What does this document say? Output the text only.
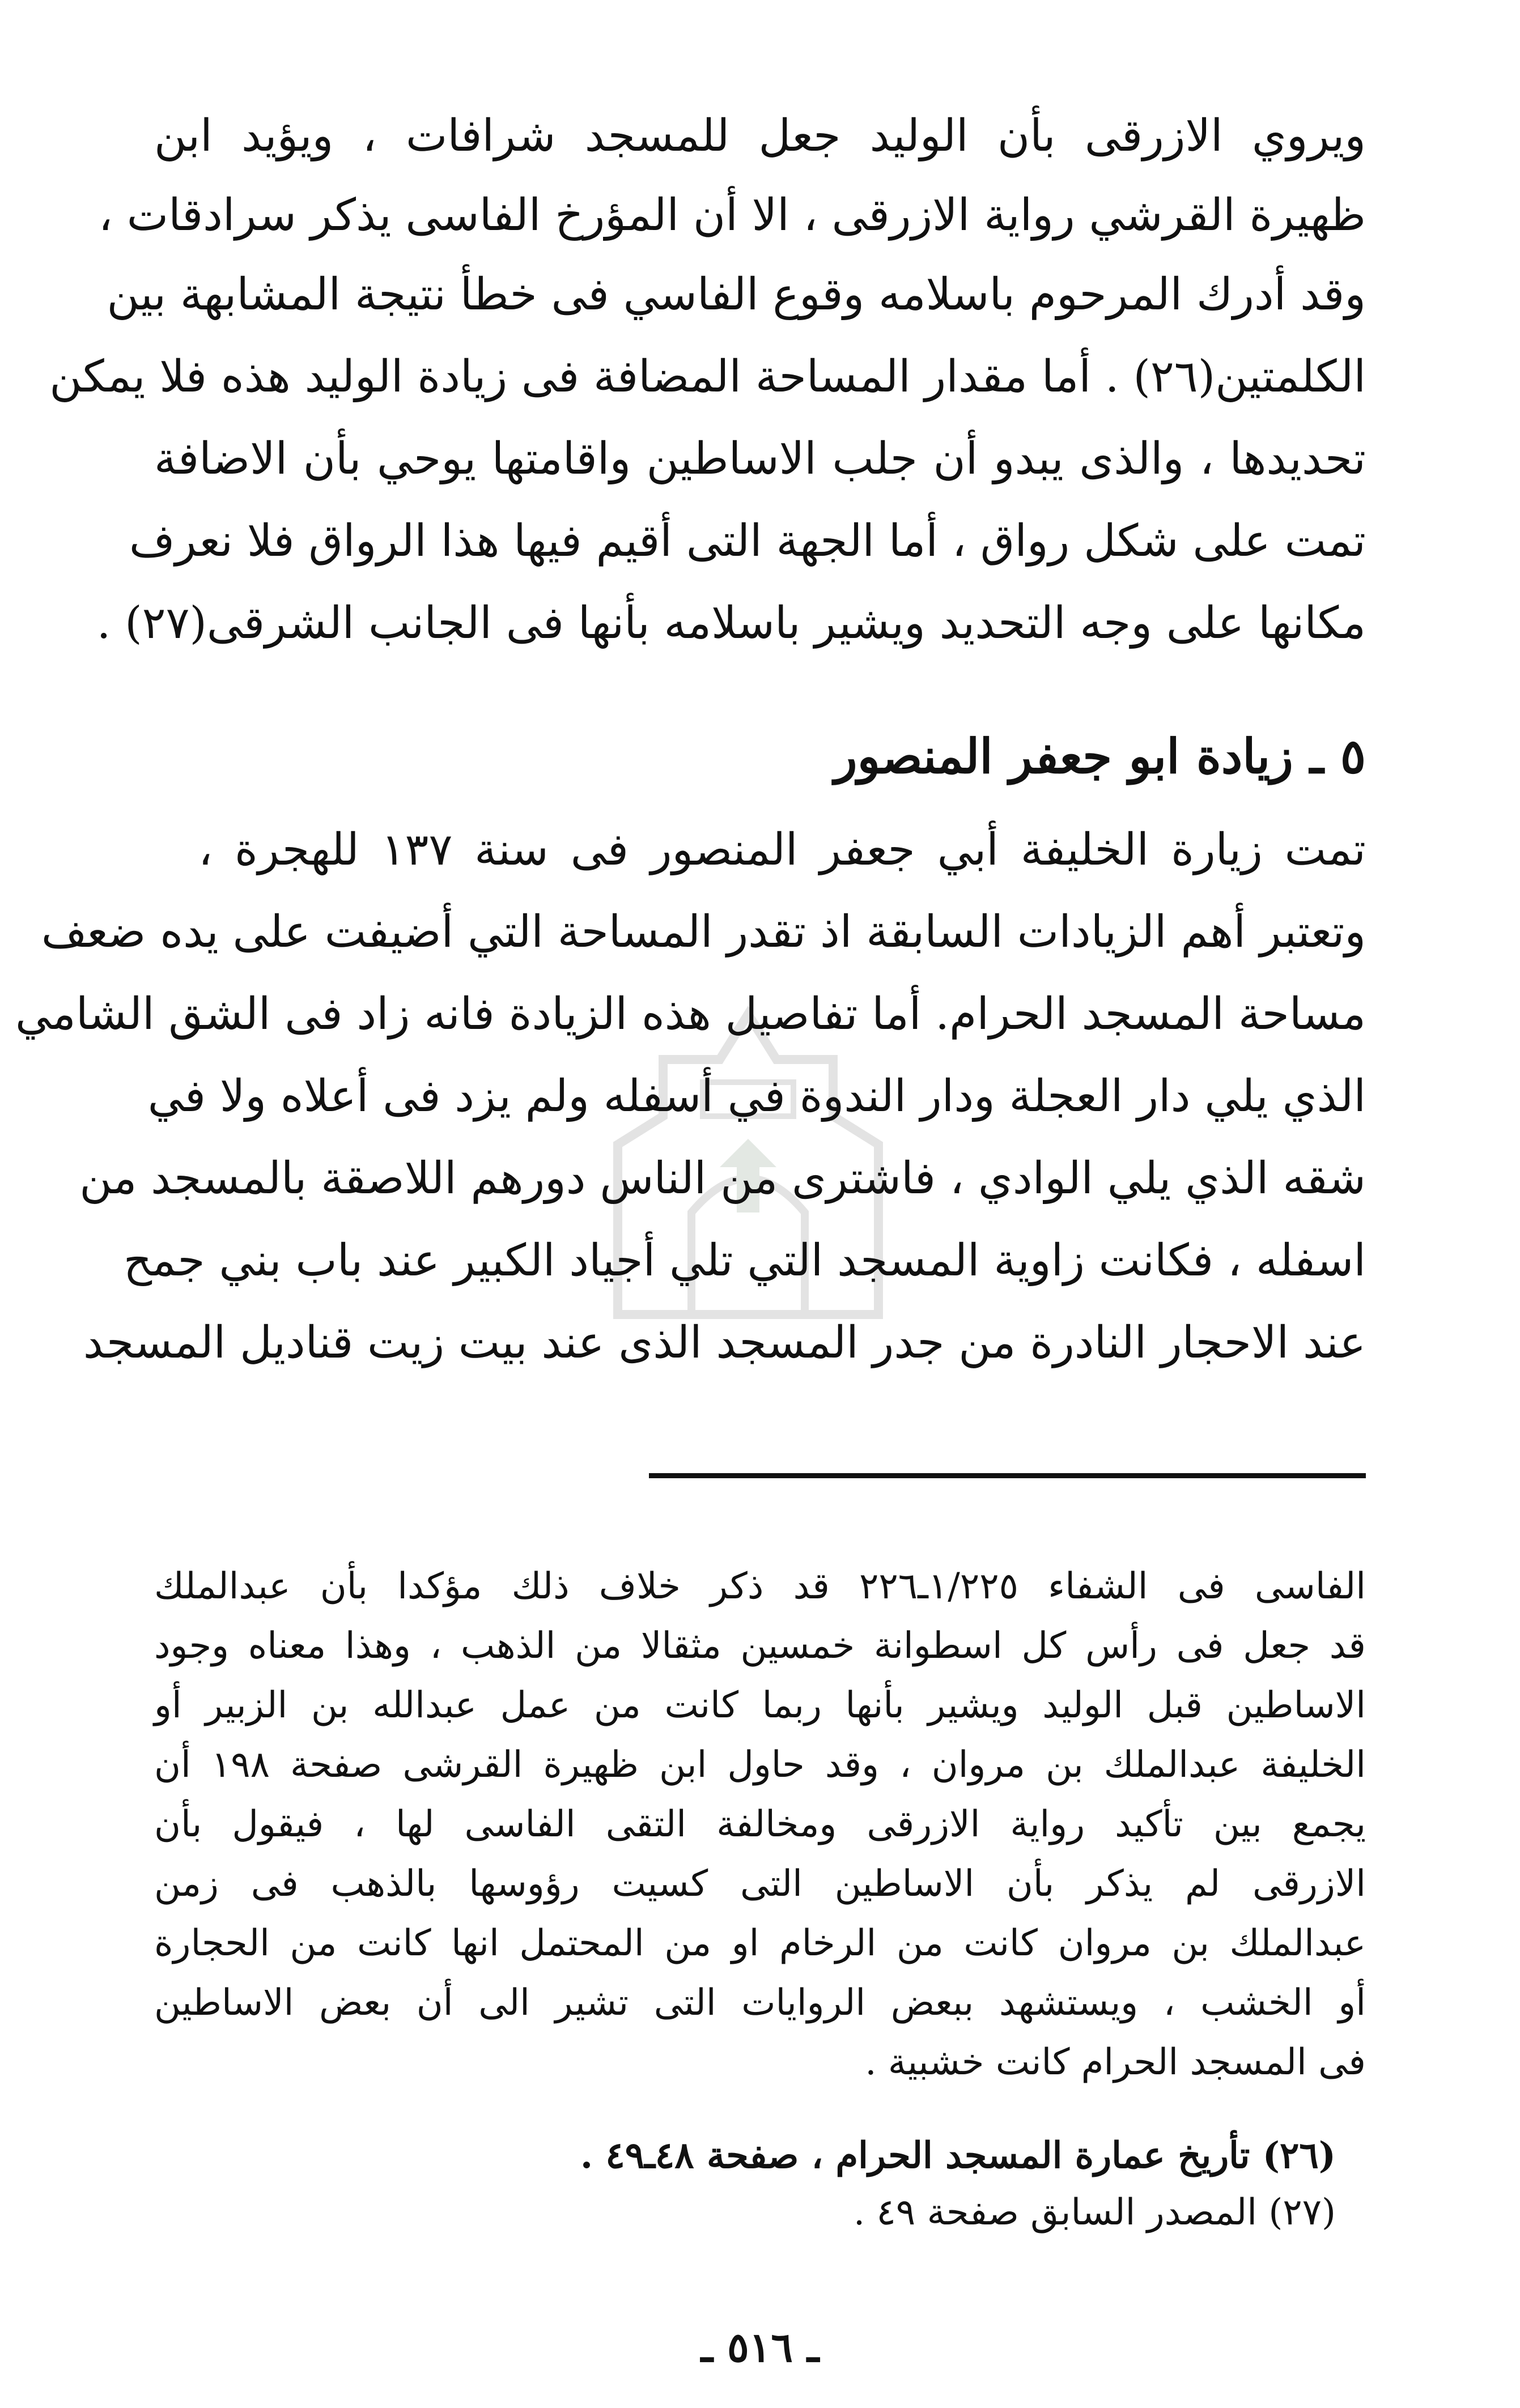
ويروي الازرقى بأن الوليد جعل للمسجد شرافات ، ويؤيد ابن
ظهيرة القرشي رواية الازرقى ، الا أن المؤرخ الفاسى يذكر سرادقات ،
وقد أدرك المرحوم باسلامه وقوع الفاسي فى خطأ نتيجة المشابهة بين
الكلمتين(٢٦) . أما مقدار المساحة المضافة فى زيادة الوليد هذه فلا يمكن
تحديدها ، والذى يبدو أن جلب الاساطين واقامتها يوحي بأن الاضافة
تمت على شكل رواق ، أما الجهة التى أقيم فيها هذا الرواق فلا نعرف
مكانها على وجه التحديد ويشير باسلامه بأنها فى الجانب الشرقى(٢٧) .
٥ ـ زيادة ابو جعفر المنصور
تمت زيارة الخليفة أبي جعفر المنصور فى سنة ١٣٧ للهجرة ،
وتعتبر أهم الزيادات السابقة اذ تقدر المساحة التي أضيفت على يده ضعف
مساحة المسجد الحرام. أما تفاصيل هذه الزيادة فانه زاد فى الشق الشامي
الذي يلي دار العجلة ودار الندوة في أسفله ولم يزد فى أعلاه ولا في
شقه الذي يلي الوادي ، فاشترى من الناس دورهم اللاصقة بالمسجد من
اسفله ، فكانت زاوية المسجد التي تلي أجياد الكبير عند باب بني جمح
عند الاحجار النادرة من جدر المسجد الذى عند بيت زيت قناديل المسجد
الفاسى فى الشفاء ١/٢٢٥ـ٢٢٦ قد ذكر خلاف ذلك مؤكدا بأن عبدالملك
قد جعل فى رأس كل اسطوانة خمسين مثقالا من الذهب ، وهذا معناه وجود
الاساطين قبل الوليد ويشير بأنها ربما كانت من عمل عبدالله بن الزبير أو
الخليفة عبدالملك بن مروان ، وقد حاول ابن ظهيرة القرشى صفحة ١٩٨ أن
يجمع بين تأكيد رواية الازرقى ومخالفة التقى الفاسى لها ، فيقول بأن
الازرقى لم يذكر بأن الاساطين التى كسيت رؤوسها بالذهب فى زمن
عبدالملك بن مروان كانت من الرخام او من المحتمل انها كانت من الحجارة
أو الخشب ، ويستشهد ببعض الروايات التى تشير الى أن بعض الاساطين
فى المسجد الحرام كانت خشبية .
(٢٦) تأريخ عمارة المسجد الحرام ، صفحة ٤٨ـ٤٩ .
(٢٧) المصدر السابق صفحة ٤٩ .
ـ ٥١٦ ـ
